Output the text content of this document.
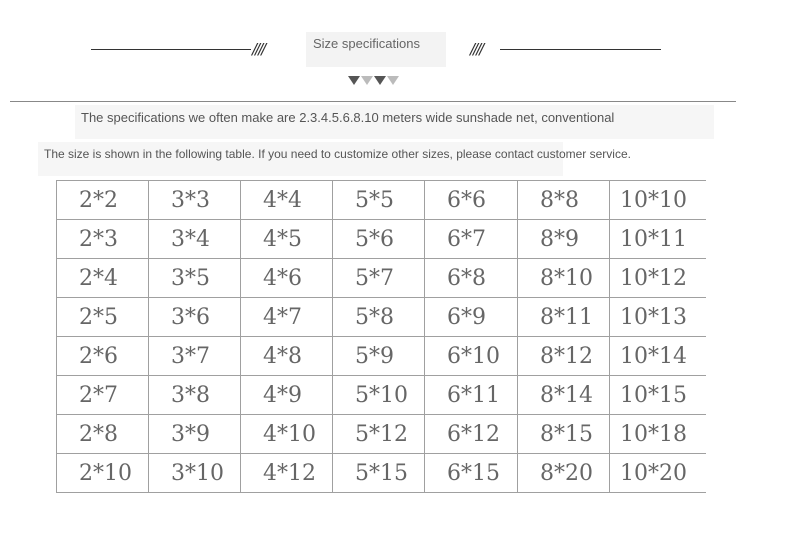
////	Size specifications	////
The specifications we often make are 2.3.4.5.6.8.10 meters wide sunshade net, conventional
The size is shown in the following table. If you need to customize other sizes, please contact customer service.
2*2	3*3	4*4	5*5	6*6	8*8	10*10
2*3	3*4	4*5	5*6	6*7	8*9	10*11
2*4	3*5	4*6	5*7	6*8	8*10	10*12
2*5	3*6	4*7	5*8	6*9	8*11	10*13
2*6	3*7	4*8	5*9	6*10	8*12	10*14
2*7	3*8	4*9	5*10	6*11	8*14	10*15
2*8	3*9	4*10	5*12	6*12	8*15	10*18
2*10	3*10	4*12	5*15	6*15	8*20	10*20
